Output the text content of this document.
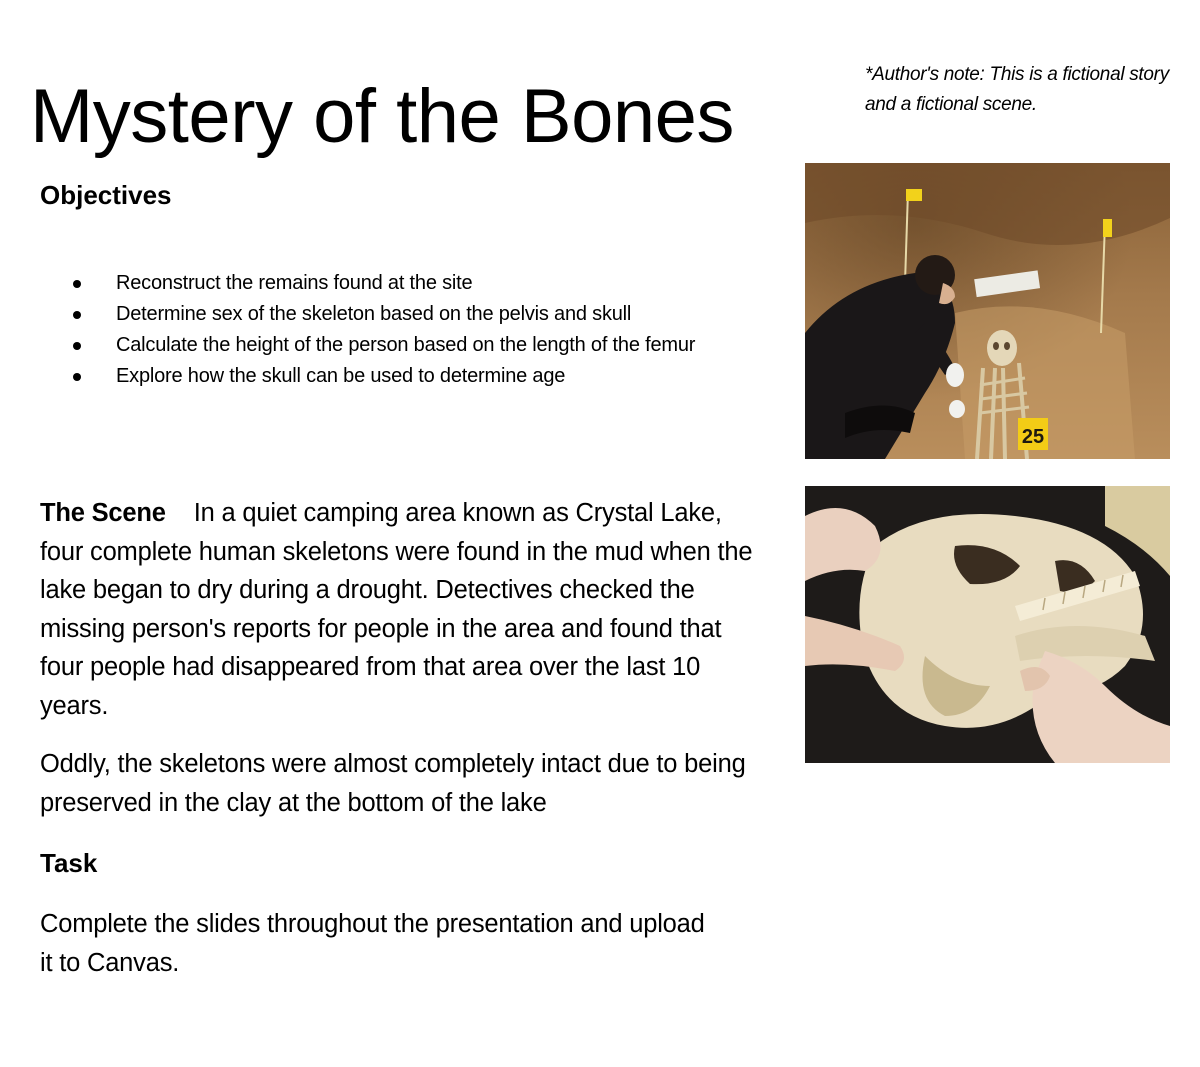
Mystery of the Bones	*Author's note: This is a fictional story and a fictional scene.
Objectives
Reconstruct the remains found at the site
Determine sex of the skeleton based on the pelvis and skull
Calculate the height of the person based on the length of the femur
Explore how the skull can be used to determine age

The Scene In a quiet camping area known as Crystal Lake, four complete human skeletons were found in the mud when the lake began to dry during a drought. Detectives checked the missing person's reports for people in the area and found that four people had disappeared from that area over the last 10 years.

Oddly, the skeletons were almost completely intact due to being preserved in the clay at the bottom of the lake

Task

Complete the slides throughout the presentation and upload it to Canvas.

25
